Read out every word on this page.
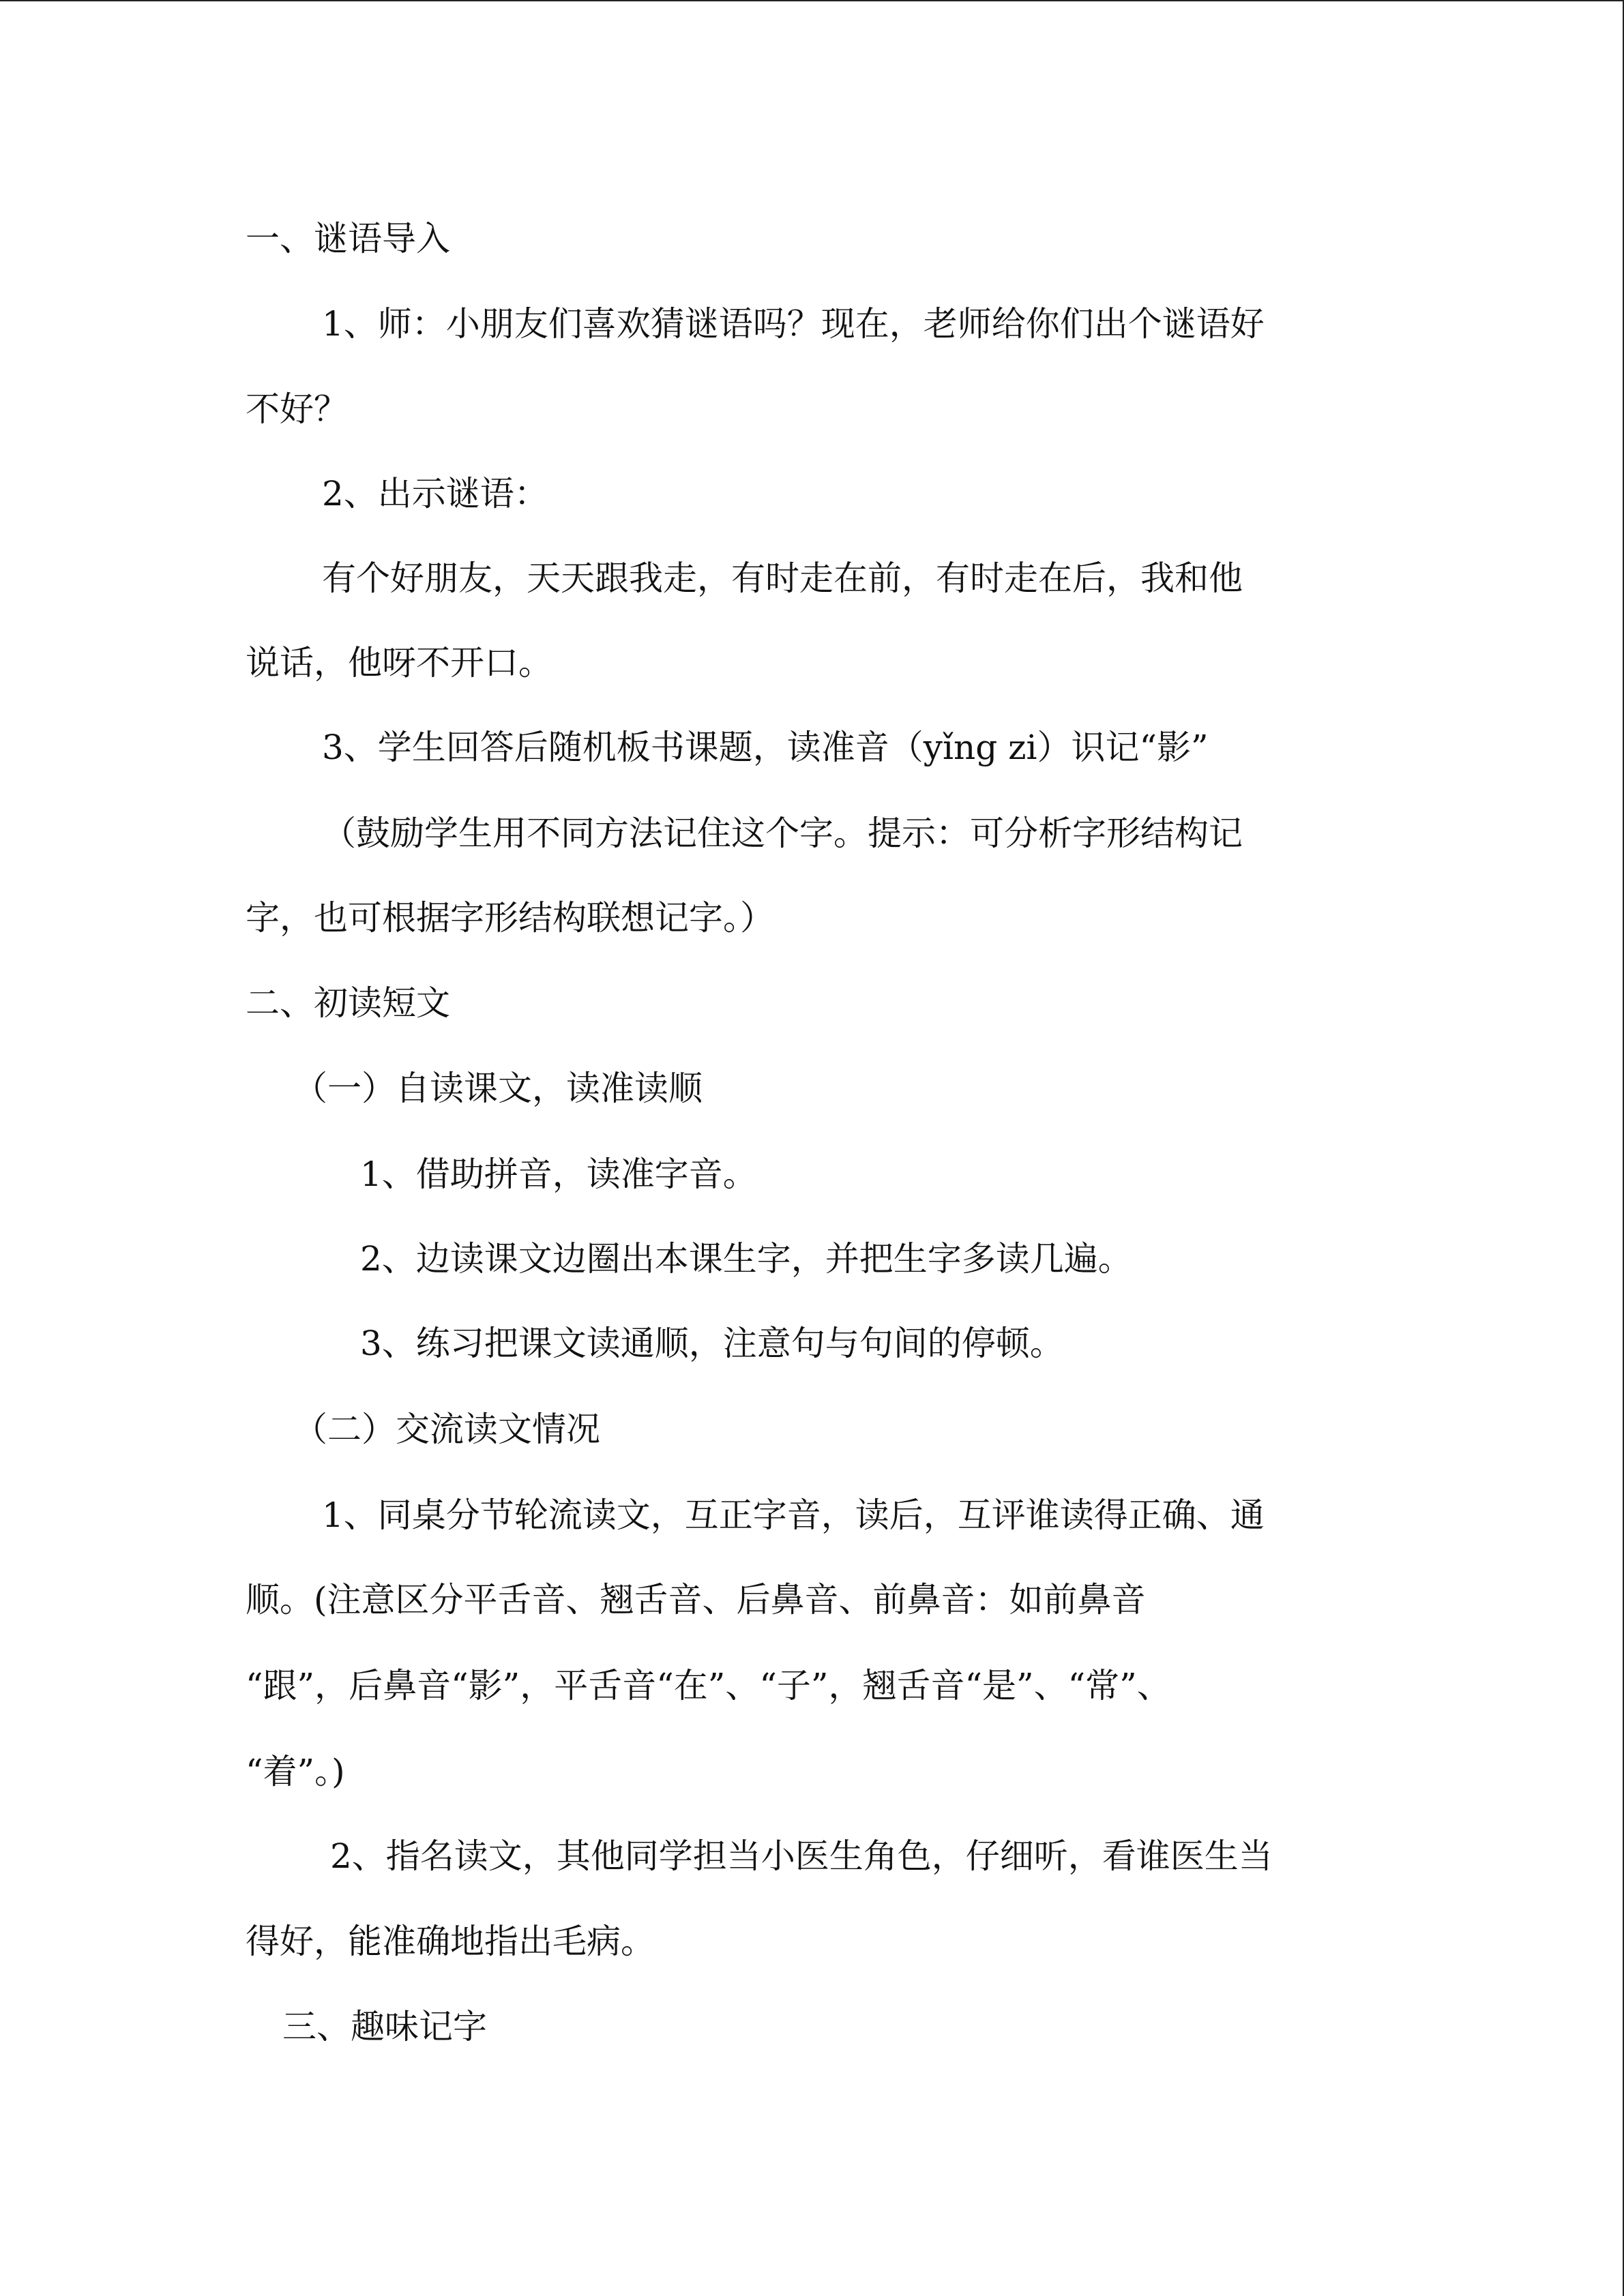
一、谜语导入
1、师：小朋友们喜欢猜谜语吗？现在，老师给你们出个谜语好
不好？
2、出示谜语：
有个好朋友，天天跟我走，有时走在前，有时走在后，我和他
说话，他呀不开口。
3、学生回答后随机板书课题，读准音（yǐng zi）识记“影”
（鼓励学生用不同方法记住这个字。提示：可分析字形结构记
字，也可根据字形结构联想记字。）
二、初读短文
（一）自读课文，读准读顺
1、借助拼音，读准字音。
2、边读课文边圈出本课生字，并把生字多读几遍。
3、练习把课文读通顺，注意句与句间的停顿。
（二）交流读文情况
1、同桌分节轮流读文，互正字音，读后，互评谁读得正确、通
顺。(注意区分平舌音、翘舌音、后鼻音、前鼻音：如前鼻音
“跟”，后鼻音“影”，平舌音“在”、“子”，翘舌音“是”、“常”、
“着”。)
2、指名读文，其他同学担当小医生角色，仔细听，看谁医生当
得好，能准确地指出毛病。
三、趣味记字
